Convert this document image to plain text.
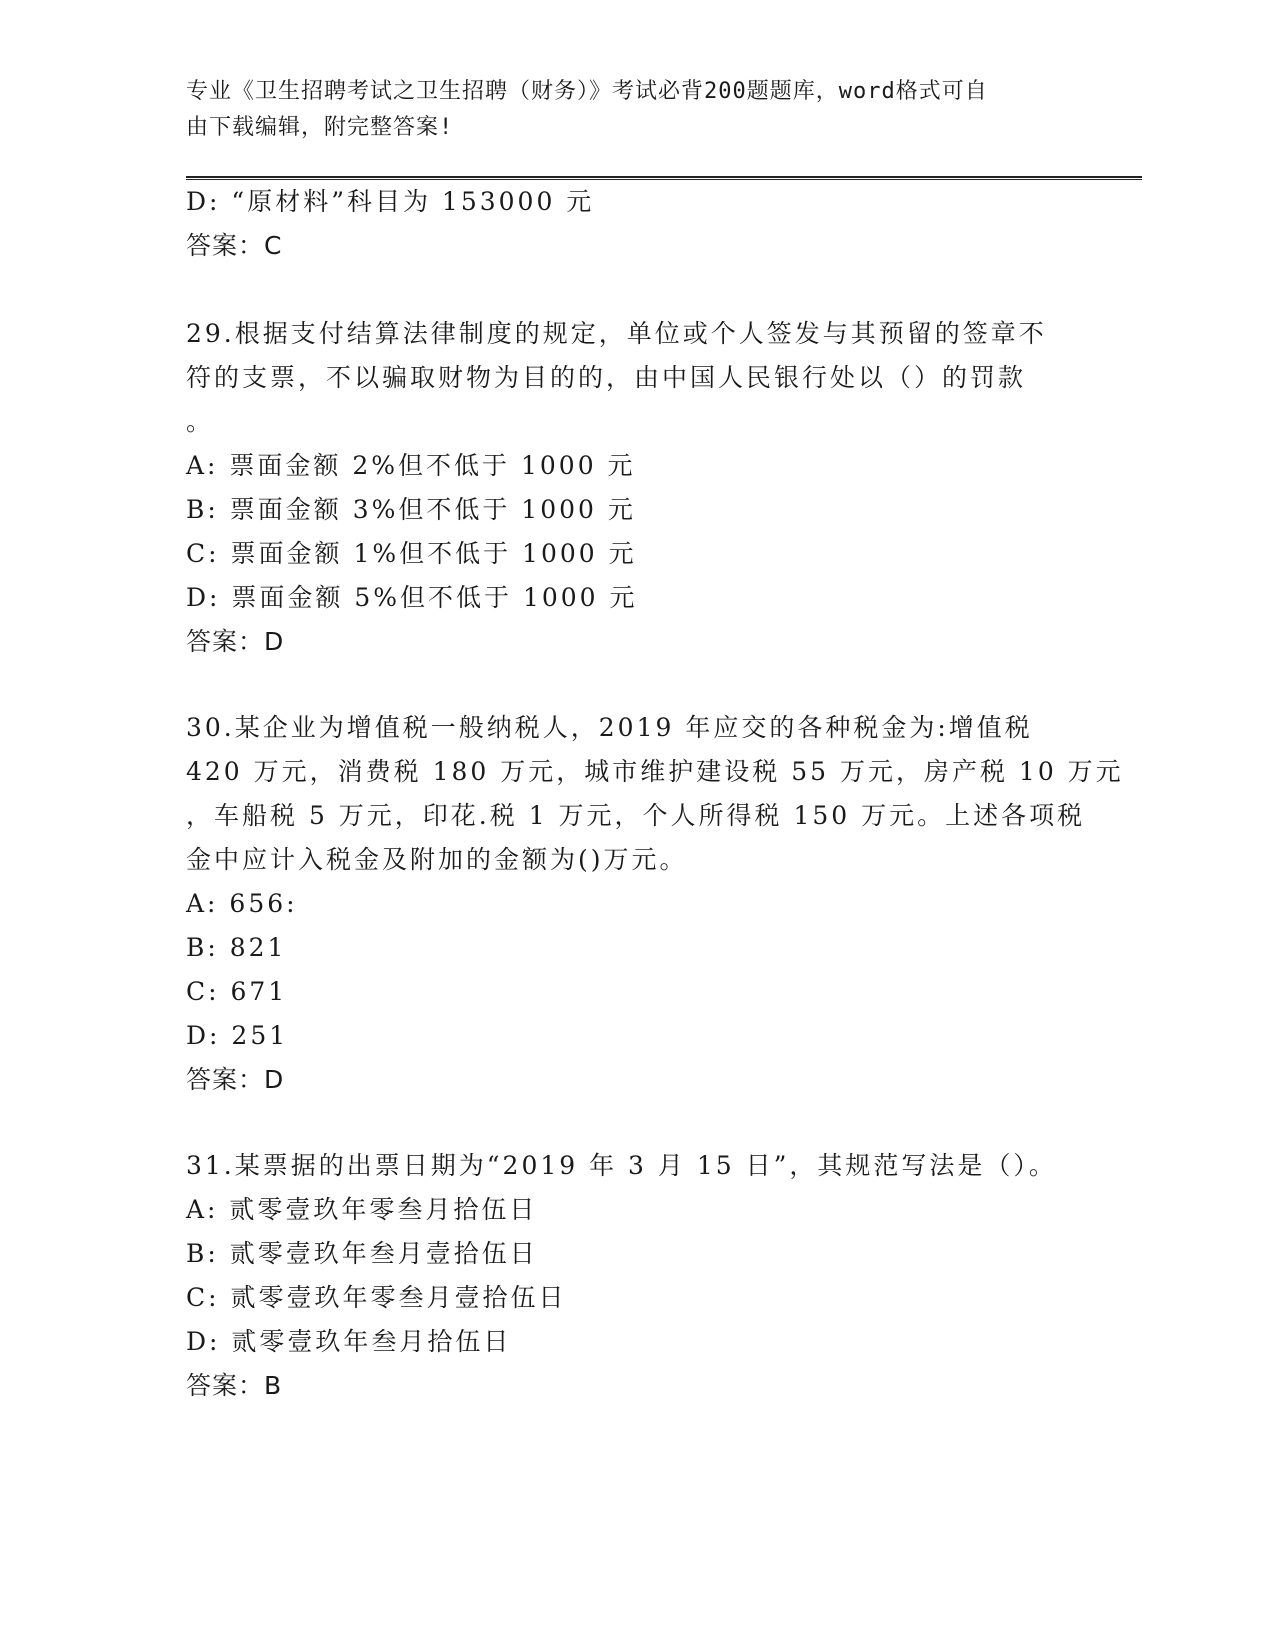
专业《卫生招聘考试之卫生招聘（财务）》考试必背200题题库，word格式可自
由下载编辑，附完整答案!
D: “原材料”科目为 153000 元
答案：C
29.根据支付结算法律制度的规定，单位或个人签发与其预留的签章不
符的支票，不以骗取财物为目的的，由中国人民银行处以（）的罚款
。
A: 票面金额 2%但不低于 1000 元
B: 票面金额 3%但不低于 1000 元
C: 票面金额 1%但不低于 1000 元
D: 票面金额 5%但不低于 1000 元
答案：D
30.某企业为增值税一般纳税人，2019 年应交的各种税金为:增值税
420 万元，消费税 180 万元，城市维护建设税 55 万元，房产税 10 万元
，车船税 5 万元，印花.税 1 万元，个人所得税 150 万元。上述各项税
金中应计入税金及附加的金额为()万元。
A: 656:
B: 821
C: 671
D: 251
答案：D
31.某票据的出票日期为“2019 年 3 月 15 日”，其规范写法是（）。
A: 贰零壹玖年零叁月拾伍日
B: 贰零壹玖年叁月壹拾伍日
C: 贰零壹玖年零叁月壹拾伍日
D: 贰零壹玖年叁月拾伍日
答案：B
